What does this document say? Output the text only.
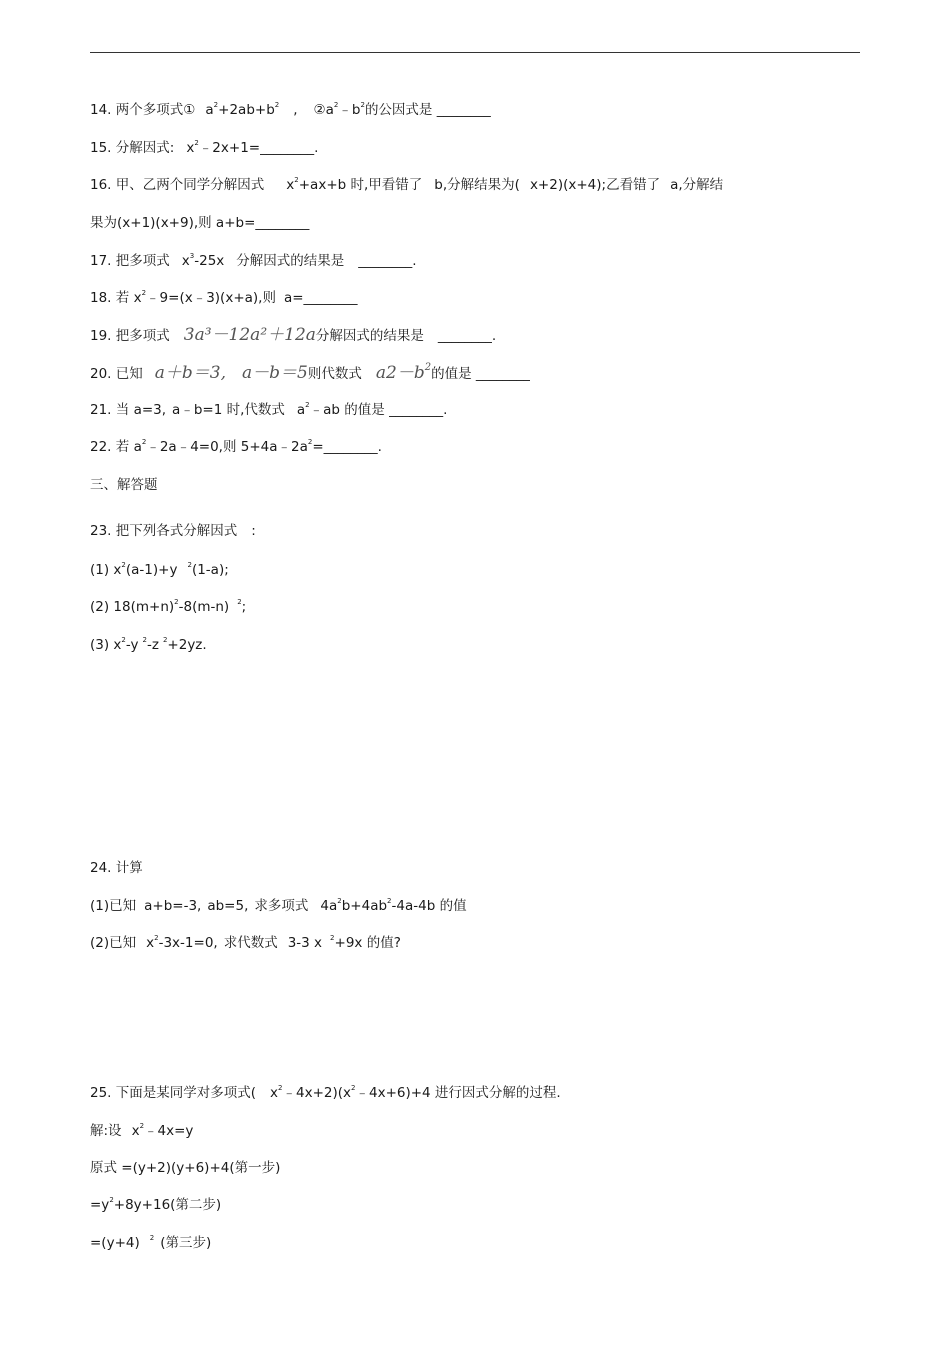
14. 两个多项式① $a^2+2ab+b^2$ , $②a^2﹣b^2$的公因式是 ________
15. 分解因式: $x^2﹣2x+1=\_\_\_\_\_\_\_\_$.
16. 甲、乙两个同学分解因式 $x^2+ax+b$ 时,甲看错了 b,分解结果为( x+2)(x+4);乙看错了 a,分解结
果为(x+1)(x+9),则 a+b=________
17. 把多项式 $x^3-25x$ 分解因式的结果是 ________.
18. 若 $x^2﹣9=(x﹣3)(x+a)$,则 a=________
19. 把多项式 3a³－12a²＋12a分解因式的结果是 ________.
20. 已知 a＋b＝3, a－b＝5则代数式 $a2-b^2$的值是 ________
21. 当 a=3, a﹣b=1 时,代数式 $a^2﹣ab$ 的值是 ________.
22. 若 $a^2﹣2a﹣4=0$,则 $5+4a﹣2a^2=\_\_\_\_\_\_\_\_$.
三、解答题
23. 把下列各式分解因式 :
(1) $x^2(a-1)+y$ $^2$(1-a);
(2) $18(m+n)^2-8(m-n)$ $^2$;
(3) $x^2-y$ $^2$-z $^2$+2yz.
24. 计算
(1)已知 a+b=-3, ab=5, 求多项式 $4a^2b+4ab^2-4a-4b$ 的值
(2)已知 $x^2-3x-1=0$, 求代数式 3-3 x $^2$+9x 的值?
25. 下面是某同学对多项式( $x^2﹣4x+2)(x^2﹣4x+6)+4$ 进行因式分解的过程.
解:设 $x^2﹣4x=y$
原式 =(y+2)(y+6)+4(第一步)
$=y^2+8y+16$(第二步)
=(y+4) $^2$ (第三步)
